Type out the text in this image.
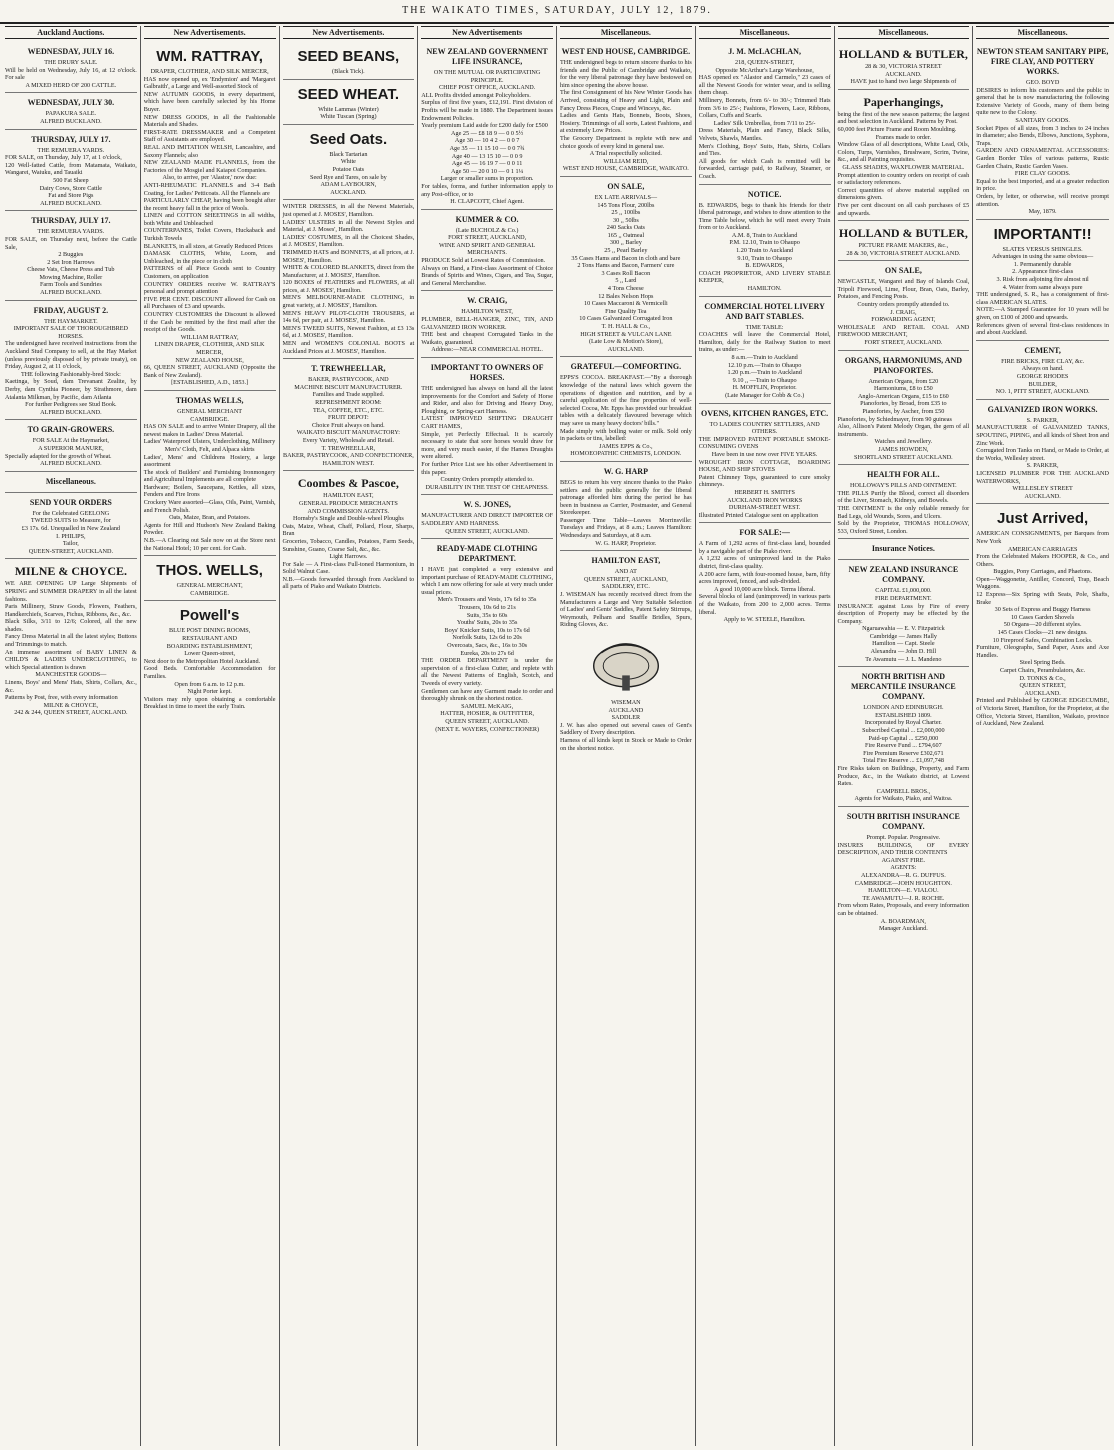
THE WAIKATO TIMES, SATURDAY, JULY 12, 1879.
Auckland Auctions.
WEDNESDAY, JULY 16.

THE DRURY SALE.

Will be held on Wednesday, July 16, at 12 o'clock. For sale

A MIXED HERD OF 200 CATTLE.

WEDNESDAY, JULY 30.

PAPAKURA SALE.

ALFRED BUCKLAND.

THURSDAY, JULY 17.

THE REMUERA YARDS.

FOR SALE, on Thursday, July 17, at 1 o'clock,

120 Well-fatted Cattle, from Matamata, Waikato, Wangarei, Waiuku, and Tauaiki

500 Fat Sheep

Dairy Cows, Store Cattle

Fat and Store Pigs

ALFRED BUCKLAND.

THURSDAY, JULY 17.

THE REMUERA YARDS.

FOR SALE, on Thursday next, before the Cattle Sale,

2 Buggies

2 Set Iron Harrows

Cheese Vats, Cheese Press and Tub

Mowing Machine, Roller

Farm Tools and Sundries

ALFRED BUCKLAND.

FRIDAY, AUGUST 2.

THE HAYMARKET.

IMPORTANT SALE OF THOROUGHBRED HORSES.

The undersigned have received instructions from the Auckland Stud Company to sell, at the Hay Market (unless previously disposed of by private treaty), on Friday, August 2, at 11 o'clock,

THE following Fashionably-bred Stock:

Kaetinga, by Soud, dam Trevanant Zealite, by Derby, dam Cynthia Pioneer, by Strathmore, dam Atalanta Milkman, by Pacific, dam Atlanta

For further Pedigrees see Stud Book.

ALFRED BUCKLAND.

TO GRAIN-GROWERS.

FOR SALE At the Haymarket,

A SUPERIOR MANURE,

Specially adapted for the growth of Wheat.

ALFRED BUCKLAND.

Miscellaneous.
SEND YOUR ORDERS

For the Celebrated GEELONG

TWEED SUITS to Measure, for

£3 17s. 6d. Unequalled in New Zealand

I. PHILIPS,

Tailor,

QUEEN-STREET, AUCKLAND.

MILNE & CHOYCE.

WE ARE OPENING UP Large Shipments of SPRING and SUMMER DRAPERY in all the latest fashions.

Paris Millinery, Straw Goods, Flowers, Feathers, Handkerchiefs, Scarves, Fichus, Ribbons, &c., &c.

Black Silks, 3/11 to 12/6; Colored, all the new shades.

Fancy Dress Material in all the latest styles; Buttons and Trimmings to match.

An immense assortment of BABY LINEN & CHILD'S & LADIES UNDERCLOTHING, to which Special attention is drawn

MANCHESTER GOODS—

Linens, Boys' and Mens' Hats, Shirts, Collars, &c., &c.

Patterns by Post, free, with every information

MILNE & CHOYCE,

242 & 244, QUEEN STREET, AUCKLAND.

New Advertisements.
WM. RATTRAY,

DRAPER, CLOTHIER, AND SILK MERCER,

HAS now opened up, ex 'Endymion' and 'Margaret Galbraith', a Large and Well-assorted Stock of

NEW AUTUMN GOODS, in every department, which have been carefully selected by his Home Buyer.

NEW DRESS GOODS, in all the Fashionable Materials and Shades.

FIRST-RATE DRESSMAKER and a Competent Staff of Assistants are employed.

REAL AND IMITATION WELSH, Lancashire, and Saxony Flannels; also

NEW ZEALAND MADE FLANNELS, from the Factories of the Mosgiel and Kaiapoi Companies.

Also, to arrive, per 'Alastor,' now due:

ANTI-RHEUMATIC FLANNELS and 3-4 Bath Coating, for Ladies' Petticoats. All the Flannels are

PARTICULARLY CHEAP, having been bought after the recent heavy fall in the price of Wools.

LINEN and COTTON SHEETINGS in all widths, both White and Unbleached

COUNTERPANES, Toilet Covers, Huckaback and Turkish Towels

BLANKETS, in all sizes, at Greatly Reduced Prices

DAMASK CLOTHS, White, Loom, and Unbleached, in the piece or in cloth

PATTERNS of all Piece Goods sent to Country Customers, on application

COUNTRY ORDERS receive W. RATTRAY'S personal and prompt attention

FIVE PER CENT. DISCOUNT allowed for Cash on all Purchases of £3 and upwards.

COUNTRY CUSTOMERS the Discount is allowed if the Cash be remitted by the first mail after the receipt of the Goods.

WILLIAM RATTRAY,

LINEN DRAPER, CLOTHIER, AND SILK MERCER,

NEW ZEALAND HOUSE,

66, QUEEN STREET, AUCKLAND (Opposite the Bank of New Zealand).

[ESTABLISHED, A.D., 1853.]

THOMAS WELLS,

GENERAL MERCHANT

CAMBRIDGE.

HAS ON SALE and to arrive Winter Drapery, all the newest makes in Ladies' Dress Material.

Ladies' Waterproof Ulsters, Underclothing, Millinery

Men's' Cloth, Felt, and Alpaca skirts

Ladies', Mens' and Childrens Hosiery, a large assortment

The stock of Builders' and Furnishing Ironmongery and Agricultural Implements are all complete

Hardware; Boilers, Saucepans, Kettles, all sizes, Fenders and Fire Irons

Crockery Ware assorted—Glass, Oils, Paint, Varnish, and French Polish.

Oats, Maize, Bran, and Potatoes.

Agents for Hill and Hudson's New Zealand Baking Powder.

N.B.—A Clearing out Sale now on at the Store next the National Hotel; 10 per cent. for Cash.

THOS. WELLS,

GENERAL MERCHANT,

CAMBRIDGE.

Powell's

BLUE POST DINING ROOMS,

RESTAURANT AND

BOARDING ESTABLISHMENT,

Lower Queen-street,

Next door to the Metropolitan Hotel Auckland.

Good Beds. Comfortable Accommodation for Families.

Open from 6 a.m. to 12 p.m.

Night Porter kept.

Visitors may rely upon obtaining a comfortable Breakfast in time to meet the early Train.

New Advertisements.
SEED BEANS,

(Black Tick).

SEED WHEAT.

White Lammas (Winter)

White Tuscan (Spring)

Seed Oats.

Black Tartarian

White

Potatoe Oats

Seed Rye and Tares, on sale by

ADAM LAYBOURN,

AUCKLAND.

WINTER DRESSES, in all the Newest Materials, just opened at J. MOSES', Hamilton.

LADIES' ULSTERS in all the Newest Styles and Material, at J. Moses', Hamilton.

LADIES' COSTUMES, in all the Choicest Shades, at J. MOSES', Hamilton.

TRIMMED HATS and BONNETS, at all prices, at J. MOSES', Hamilton.

WHITE & COLORED BLANKETS, direct from the Manufacturer, at J. MOSES', Hamilton.

120 BOXES of FEATHERS and FLOWERS, at all prices, at J. MOSES', Hamilton.

MEN'S MELBOURNE-MADE CLOTHING, in great variety, at J. MOSES', Hamilton.

MEN'S HEAVY PILOT-CLOTH TROUSERS, at 14s 6d, per pair, at J. MOSES', Hamilton.

MEN'S TWEED SUITS, Newest Fashion, at £3 13s 6d, at J. MOSES', Hamilton.

MEN and WOMEN'S COLONIAL BOOTS at Auckland Prices at J. MOSES', Hamilton.

T. TREWHEELLAR,

BAKER, PASTRYCOOK, AND

MACHINE BISCUIT MANUFACTURER.

Families and Trade supplied.

REFRESHMENT ROOM:

TEA, COFFEE, ETC., ETC.

FRUIT DEPOT:

Choice Fruit always on hand.

WAIKATO BISCUIT MANUFACTORY:

Every Variety, Wholesale and Retail.

T. TREWHEELLAR,

BAKER, PASTRYCOOK, AND CONFECTIONER,

HAMILTON WEST.

Coombes & Pascoe,

HAMILTON EAST,

GENERAL PRODUCE MERCHANTS

AND COMMISSION AGENTS.

Hornsby's Single and Double-wheel Ploughs

Oats, Maize, Wheat, Chaff, Pollard, Flour, Sharps, Bran

Groceries, Tobacco, Candles, Potatoes, Farm Seeds, Sunshine, Guano, Coarse Salt, &c., &c.

Light Harrows.

For Sale — A First-class Full-toned Harmonium, in Solid Walnut Case.

N.B.—Goods forwarded through from Auckland to all parts of Piako and Waikato Districts.

New Advertisements
NEW ZEALAND GOVERNMENT LIFE INSURANCE,

ON THE MUTUAL OR PARTICIPATING PRINCIPLE.

CHIEF POST OFFICE, AUCKLAND.

ALL Profits divided amongst Policyholders.

Surplus of first five years, £12,191. First division of Profits will be made in 1880. The Department issues Endowment Policies.

Yearly premium Laid aside for £200 daily for £500

Age 25 — £8 18 9 — 0 0 5½

Age 30 — 10 4 2 — 0 0 7

Age 35 — 11 15 10 — 0 0 7¾

Age 40 — 13 15 10 — 0 0 9

Age 45 — 16 19 7 — 0 0 11

Age 50 — 20 0 10 — 0 1 1¼

Larger or smaller sums in proportion.

For tables, forms, and further information apply to any Post-office, or to

H. CLAPCOTT, Chief Agent.

KUMMER & CO.

(Late BUCHOLZ & Co.)

FORT STREET, AUCKLAND,

WINE AND SPIRIT AND GENERAL MERCHANTS.

PRODUCE Sold at Lowest Rates of Commission.

Always on Hand, a First-class Assortment of Choice Brands of Spirits and Wines, Cigars, and Tea, Sugar, and General Merchandise.

W. CRAIG,

HAMILTON WEST,

PLUMBER, BELL-HANGER, ZINC, TIN, AND GALVANIZED IRON WORKER.

THE best and cheapest Corrugated Tanks in the Waikato, guaranteed.

Address:—NEAR COMMERCIAL HOTEL.

IMPORTANT TO OWNERS OF HORSES.

THE undersigned has always on hand all the latest improvements for the Comfort and Safety of Horse and Rider, and also for Driving and Heavy Dray, Ploughing, or Spring-cart Harness.

LATEST IMPROVED SHIFTING DRAUGHT CART HAMES,

Simple, yet Perfectly Effectual. It is scarcely necessary to state that sore horses would draw for more, and very much easier, if the Hames Draughts were altered.

For further Price List see his other Advertisement in this paper.

Country Orders promptly attended to.

DURABILITY IN THE TEST OF CHEAPNESS.

W. S. JONES,

MANUFACTURER AND DIRECT IMPORTER OF SADDLERY AND HARNESS.

QUEEN STREET, AUCKLAND.

READY-MADE CLOTHING DEPARTMENT.

I HAVE just completed a very extensive and important purchase of READY-MADE CLOTHING, which I am now offering for sale at very much under usual prices.

Men's Trousers and Vests, 17s 6d to 35s

Trousers, 10s 6d to 21s

Suits, 35s to 60s

Youths' Suits, 20s to 35s

Boys' Knicker Suits, 10s to 17s 6d

Norfolk Suits, 12s 6d to 20s

Overcoats, Sacs, &c., 16s to 30s

Eureka, 20s to 27s 6d

THE ORDER DEPARTMENT is under the supervision of a first-class Cutter, and replete with all the Newest Patterns of English, Scotch, and Tweeds of every variety.

Gentlemen can have any Garment made to order and thoroughly shrunk on the shortest notice.

SAMUEL McKAIG,

HATTER, HOSIER, & OUTFITTER,

QUEEN STREET, AUCKLAND.

(NEXT E. WAYERS, CONFECTIONER)

Miscellaneous.
WEST END HOUSE, CAMBRIDGE.

THE undersigned begs to return sincere thanks to his friends and the Public of Cambridge and Waikato, for the very liberal patronage they have bestowed on him since opening the above house.

The first Consignment of his New Winter Goods has Arrived, consisting of Heavy and Light, Plain and Fancy Dress Pieces, Crape and Winceys, &c.

Ladies and Gents Hats, Bonnets, Boots, Shoes, Hosiery. Trimmings of all sorts, Latest Fashions, and at extremely Low Prices.

The Grocery Department is replete with new and choice goods of every kind in general use.

A Trial respectfully solicited.

WILLIAM REID,

WEST END HOUSE, CAMBRIDGE, WAIKATO.

ON SALE,

EX LATE ARRIVALS—

145 Tons Flour, 200lbs

25 ,, 100lbs

30 ,, 50lbs

240 Sacks Oats

165 ,, Oatmeal

300 ,, Barley

25 ,, Pearl Barley

35 Cases Hams and Bacon in cloth and bare

2 Tons Hams and Bacon, Farmers' cure

3 Cases Roll Bacon

5 ,, Lard

4 Tons Cheese

12 Bales Nelson Hops

10 Cases Maccaroni & Vermicelli

Fine Quality Tea

10 Cases Galvanized Corrugated Iron

T. H. HALL & Co.,

HIGH STREET & VULCAN LANE

(Late Low & Motion's Store),

AUCKLAND.

GRATEFUL—COMFORTING.

EPPS'S COCOA. BREAKFAST.—"By a thorough knowledge of the natural laws which govern the operations of digestion and nutrition, and by a careful application of the fine properties of well-selected Cocoa, Mr. Epps has provided our breakfast tables with a delicately flavoured beverage which may save us many heavy doctors' bills."

Made simply with boiling water or milk. Sold only in packets or tins, labelled:

JAMES EPPS & Co.,

HOMOEOPATHIC CHEMISTS, LONDON.

W. G. HARP

BEGS to return his very sincere thanks to the Piako settlers and the public generally for the liberal patronage afforded him during the period he has been in business as Carrier, Postmaster, and General Storekeeper.

Passenger Time Table—Leaves Morrinsville: Tuesdays and Fridays, at 8 a.m.; Leaves Hamilton: Wednesdays and Saturdays, at 8 a.m.

W. G. HARP, Proprietor.

HAMILTON EAST,

AND AT

QUEEN STREET, AUCKLAND,

SADDLERY, ETC.

J. WISEMAN has recently received direct from the Manufacturers a Large and Very Suitable Selection of Ladies' and Gents' Saddles, Patent Safety Stirrups, Weymouth, Pelham and Snaffle Bridles, Spurs, Riding Gloves, &c.

WISEMAN

AUCKLAND

SADDLER

J. W. has also opened out several cases of Gent's Saddlery of Every description.

Harness of all kinds kept in Stock or Made to Order on the shortest notice.

Miscellaneous.
J. M. McLACHLAN,

218, QUEEN-STREET,

Opposite McArthur's Large Warehouse,

HAS opened ex "Alastor and Carmelo," 23 cases of all the Newest Goods for winter wear, and is selling them cheap.

Millinery, Bonnets, from 6/- to 30/-; Trimmed Hats from 3/6 to 25/-; Fashions, Flowers, Lace, Ribbons, Collars, Cuffs and Scarfs.

Ladies' Silk Umbrellas, from 7/11 to 25/-

Dress Materials, Plain and Fancy, Black Silks, Velvets, Shawls, Mantles.

Men's Clothing, Boys' Suits, Hats, Shirts, Collars and Ties.

All goods for which Cash is remitted will be forwarded, carriage paid, to Railway, Steamer, or Coach.

NOTICE.

B. EDWARDS, begs to thank his friends for their liberal patronage, and wishes to draw attention to the Time Table below, which he will meet every Train from or to Auckland.

A.M. 8, Train to Auckland

P.M. 12.10, Train to Ohaupo

1.20 Train to Auckland

9.10, Train to Ohaupo

B. EDWARDS,

COACH PROPRIETOR, AND LIVERY STABLE KEEPER,

HAMILTON.

COMMERCIAL HOTEL LIVERY AND BAIT STABLES.

TIME TABLE:

COACHES will leave the Commercial Hotel, Hamilton, daily for the Railway Station to meet trains, as under:—

8 a.m.—Train to Auckland

12.10 p.m.—Train to Ohaupo

1.20 p.m.—Train to Auckland

9.10 ,, —Train to Ohaupo

H. MOFFLIN, Proprietor.

(Late Manager for Cobb & Co.)

OVENS, KITCHEN RANGES, ETC.

TO LADIES COUNTRY SETTLERS, AND OTHERS.

THE IMPROVED PATENT PORTABLE SMOKE-CONSUMING OVENS

Have been in use now over FIVE YEARS.

WROUGHT IRON COTTAGE, BOARDING HOUSE, AND SHIP STOVES

Patent Chimney Tops, guaranteed to cure smoky chimneys.

HERBERT H. SMITH'S

AUCKLAND IRON WORKS

DURHAM-STREET WEST.

Illustrated Printed Catalogue sent on application

FOR SALE:—

A Farm of 1,292 acres of first-class land, bounded by a navigable part of the Piako river.

A 1,232 acres of unimproved land in the Piako district, first-class quality.

A 200 acre farm, with four-roomed house, barn, fifty acres improved, fenced, and sub-divided.

A good 10,000 acre block. Terms liberal.

Several blocks of land (unimproved) in various parts of the Waikato, from 200 to 2,000 acres. Terms liberal.

Apply to W. STEELE, Hamilton.

Miscellaneous.
HOLLAND & BUTLER,

28 & 30, VICTORIA STREET

AUCKLAND.

HAVE just to hand two large Shipments of

Paperhangings,

being the first of the new season patterns; the largest and best selection in Auckland. Patterns by Post.

60,000 feet Picture Frame and Room Moulding.

Frames made to order.

Window Glass of all descriptions, White Lead, Oils, Colors, Turps, Varnishes, Brushware, Scrim, Twine, &c., and all Painting requisites.

GLASS SHADES, WAXFLOWER MATERIAL.

Prompt attention to country orders on receipt of cash or satisfactory references.

Correct quantities of above material supplied on dimensions given.

Five per cent discount on all cash purchases of £5 and upwards.

HOLLAND & BUTLER,

PICTURE FRAME MAKERS, &c.,

28 & 30, VICTORIA STREET AUCKLAND.

ON SALE,

NEWCASTLE, Wangarei and Bay of Islands Coal, Tripoli Firewood, Lime, Flour, Bran, Oats, Barley, Potatoes, and Fencing Posts.

Country orders promptly attended to.

J. CRAIG,

FORWARDING AGENT,

WHOLESALE AND RETAIL COAL AND FIREWOOD MERCHANT,

FORT STREET, AUCKLAND.

ORGANS, HARMONIUMS, AND PIANOFORTES.

American Organs, from £20

Harmoniums, £8 to £50

Anglo-American Organs, £15 to £60

Pianofortes, by Broad, from £35 to

Pianofortes, by Ascher, from £50

Pianofortes, by Schiedmayer, from 90 guineas

Also, Allison's Patent Melody Organ, the gem of all instruments.

Watches and Jewellery.

JAMES HOWDEN,

SHORTLAND STREET AUCKLAND.

HEALTH FOR ALL.

HOLLOWAY'S PILLS AND OINTMENT.

THE PILLS Purify the Blood, correct all disorders of the Liver, Stomach, Kidneys, and Bowels.

THE OINTMENT is the only reliable remedy for Bad Legs, old Wounds, Sores, and Ulcers.

Sold by the Proprietor, THOMAS HOLLOWAY, 533, Oxford Street, London.

Insurance Notices.
NEW ZEALAND INSURANCE COMPANY.

CAPITAL £1,000,000.

FIRE DEPARTMENT.

INSURANCE against Loss by Fire of every description of Property may be effected by the Company.

Ngaruawahia — E. V. Fitzpatrick

Cambridge — James Hally

Hamilton — Capt. Steele

Alexandra — John D. Hill

Te Awamutu — J. L. Mandeno

NORTH BRITISH AND MERCANTILE INSURANCE COMPANY.

LONDON AND EDINBURGH.

ESTABLISHED 1809.

Incorporated by Royal Charter.

Subscribed Capital ... £2,000,000

Paid-up Capital ... £250,000

Fire Reserve Fund ... £794,607

Fire Premium Reserve £302,671

Total Fire Reserve ... £1,097,748

Fire Risks taken on Buildings, Property, and Farm Produce, &c., in the Waikato district, at Lowest Rates.

CAMPBELL BROS.,

Agents for Waikato, Piako, and Waitoa.

SOUTH BRITISH INSURANCE COMPANY.

Prompt. Popular. Progressive.

INSURES BUILDINGS, OF EVERY DESCRIPTION, AND THEIR CONTENTS

AGAINST FIRE.

AGENTS:

ALEXANDRA—R. G. DUFFUS.

CAMBRIDGE—JOHN HOUGHTON.

HAMILTON—E. VIALOU.

TE AWAMUTU—J. R. ROCHE.

From whom Rates, Proposals, and every information can be obtained.

A. BOARDMAN,

Manager Auckland.

Miscellaneous.
NEWTON STEAM SANITARY PIPE, FIRE CLAY, AND POTTERY WORKS.

GEO. BOYD

DESIRES to inform his customers and the public in general that he is now manufacturing the following Extensive Variety of Goods, many of them being quite new to the Colony.

SANITARY GOODS.

Socket Pipes of all sizes, from 3 inches to 24 inches in diameter; also Bends, Elbows, Junctions, Syphons, Traps.

GARDEN AND ORNAMENTAL ACCESSORIES: Garden Border Tiles of various patterns, Rustic Garden Chairs, Rustic Garden Vases.

FIRE CLAY GOODS.

Equal to the best imported, and at a greater reduction in price.

Orders, by letter, or otherwise, will receive prompt attention.

May, 1879.

IMPORTANT!!

SLATES VERSUS SHINGLES.

Advantages in using the same obvious—

1. Permanently durable

2. Appearance first-class

3. Risk from adjoining fire almost nil

4. Water from same always pure

THE undersigned, S. R., has a consignment of first-class AMERICAN SLATES.

NOTE:—A Stamped Guarantee for 10 years will be given, on £100 of 2000 and upwards.

References given of several first-class residences in and about Auckland.

CEMENT,

FIRE BRICKS, FIRE CLAY, &c.

Always on hand.

GEORGE RHODES

BUILDER,

NO. 1, PITT STREET, AUCKLAND.

GALVANIZED IRON WORKS.

S. PARKER,

MANUFACTURER of GALVANIZED TANKS, SPOUTING, PIPING, and all kinds of Sheet Iron and Zinc Work.

Corrugated Iron Tanks on Hand, or Made to Order, at the Works, Wellesley street.

S. PARKER,

LICENSED PLUMBER FOR THE AUCKLAND WATERWORKS,

WELLESLEY STREET

AUCKLAND.

Just Arrived,

AMERICAN CONSIGNMENTS, per Barques from New York

AMERICAN CARRIAGES

From the Celebrated Makers HOOPER, & Co., and Others.

Buggies, Pony Carriages, and Phaetons.

Open—Waggonette, Antiller, Concord, Trap, Beach Waggons.

12 Express—Six Spring with Seats, Pole, Shafts, Brake

30 Sets of Express and Buggy Harness

10 Cases Garden Shovels

50 Organs—20 different styles.

145 Cases Clocks—21 new designs.

10 Fireproof Safes, Combination Locks.

Furniture, Oleographs, Sand Paper, Axes and Axe Handles.

Steel Spring Beds.

Carpet Chairs, Perambulators, &c.

D. TONKS & Co.,

QUEEN STREET,

AUCKLAND.

Printed and Published by GEORGE EDGECUMBE, of Victoria Street, Hamilton, for the Proprietor, at the Office, Victoria Street, Hamilton, Waikato, province of Auckland, New Zealand.
